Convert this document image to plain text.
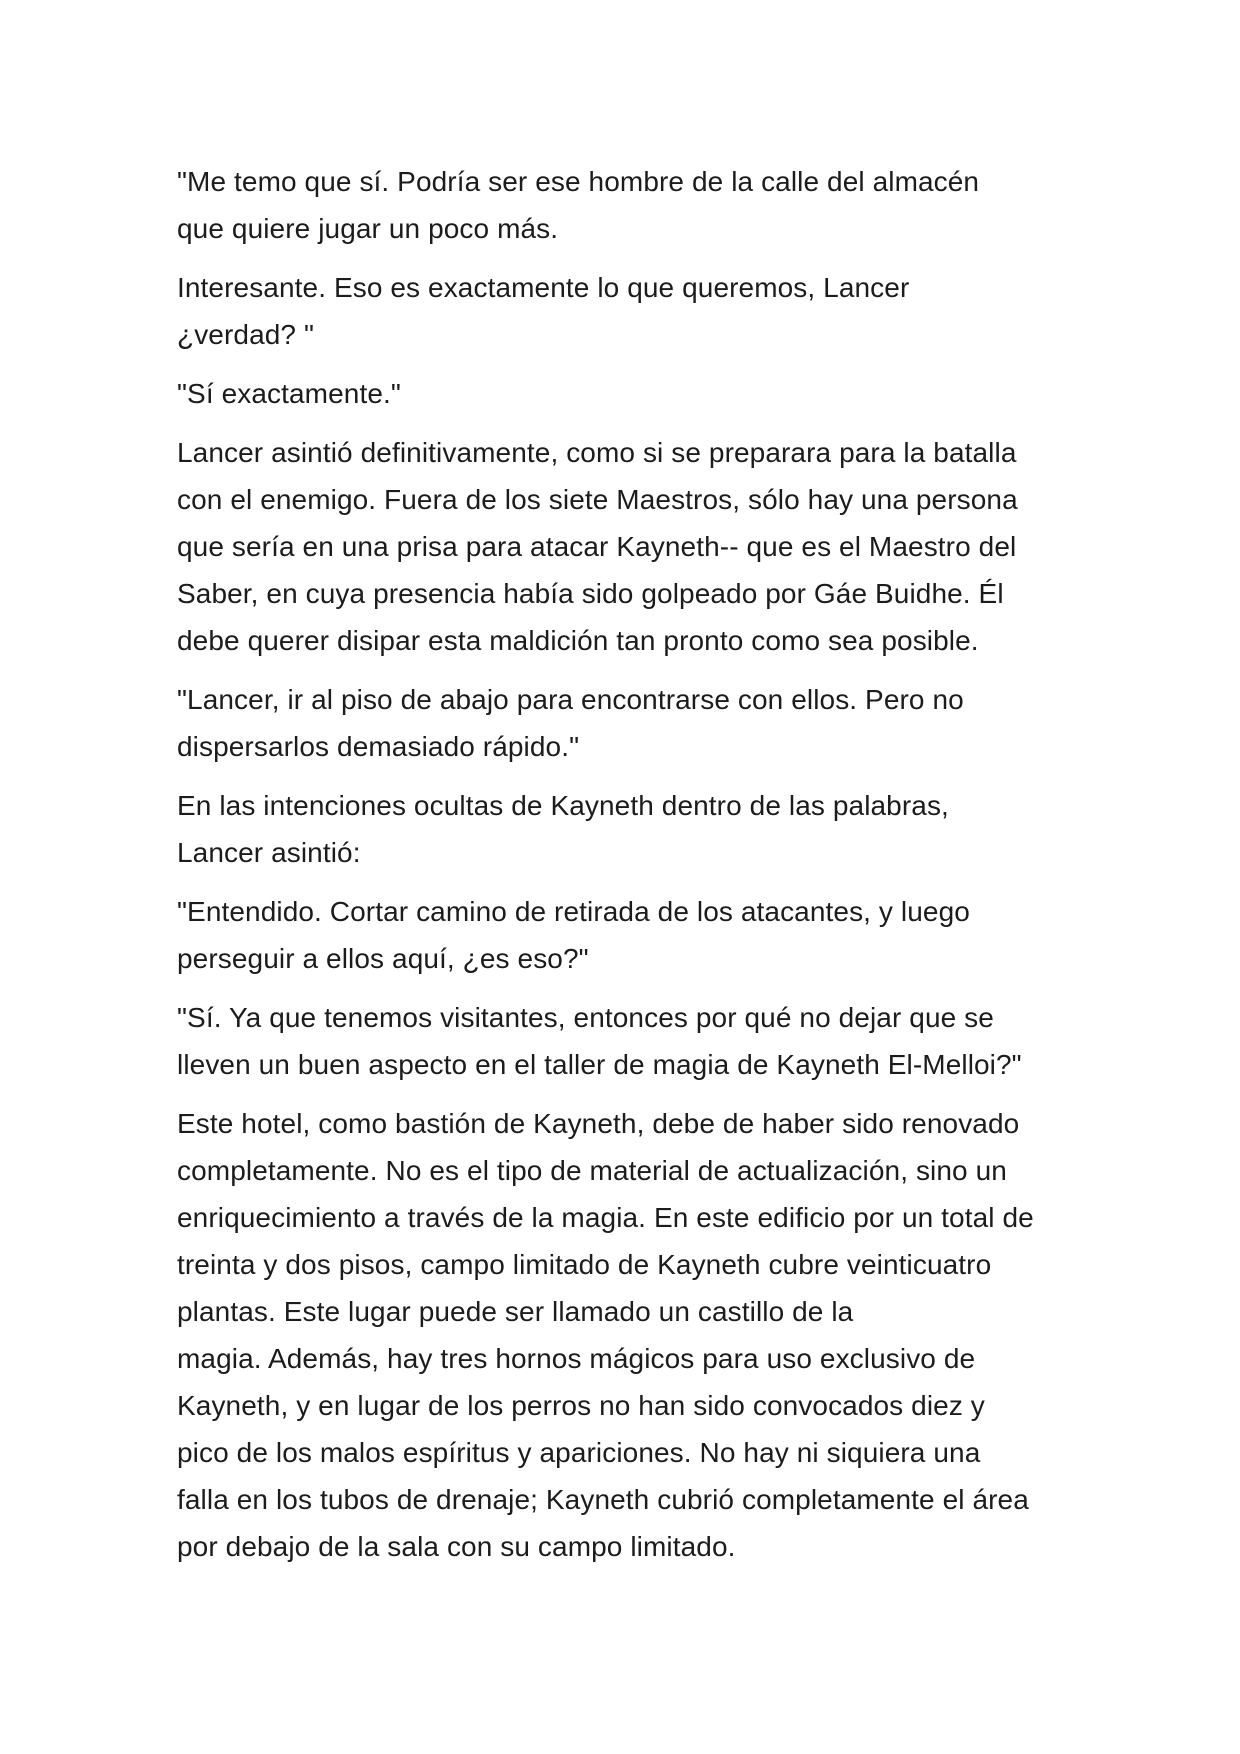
"Me temo que sí. Podría ser ese hombre de la calle del almacén
que quiere jugar un poco más.

Interesante. Eso es exactamente lo que queremos, Lancer
¿verdad? "

"Sí exactamente."

Lancer asintió definitivamente, como si se preparara para la batalla
con el enemigo. Fuera de los siete Maestros, sólo hay una persona
que sería en una prisa para atacar Kayneth-- que es el Maestro del
Saber, en cuya presencia había sido golpeado por Gáe Buidhe. Él
debe querer disipar esta maldición tan pronto como sea posible.

"Lancer, ir al piso de abajo para encontrarse con ellos. Pero no
dispersarlos demasiado rápido."

En las intenciones ocultas de Kayneth dentro de las palabras,
Lancer asintió:

"Entendido. Cortar camino de retirada de los atacantes, y luego
perseguir a ellos aquí, ¿es eso?"

"Sí. Ya que tenemos visitantes, entonces por qué no dejar que se
lleven un buen aspecto en el taller de magia de Kayneth El-Melloi?"

Este hotel, como bastión de Kayneth, debe de haber sido renovado
completamente. No es el tipo de material de actualización, sino un
enriquecimiento a través de la magia. En este edificio por un total de
treinta y dos pisos, campo limitado de Kayneth cubre veinticuatro
plantas. Este lugar puede ser llamado un castillo de la
magia. Además, hay tres hornos mágicos para uso exclusivo de
Kayneth, y en lugar de los perros no han sido convocados diez y
pico de los malos espíritus y apariciones. No hay ni siquiera una
falla en los tubos de drenaje; Kayneth cubrió completamente el área
por debajo de la sala con su campo limitado.
